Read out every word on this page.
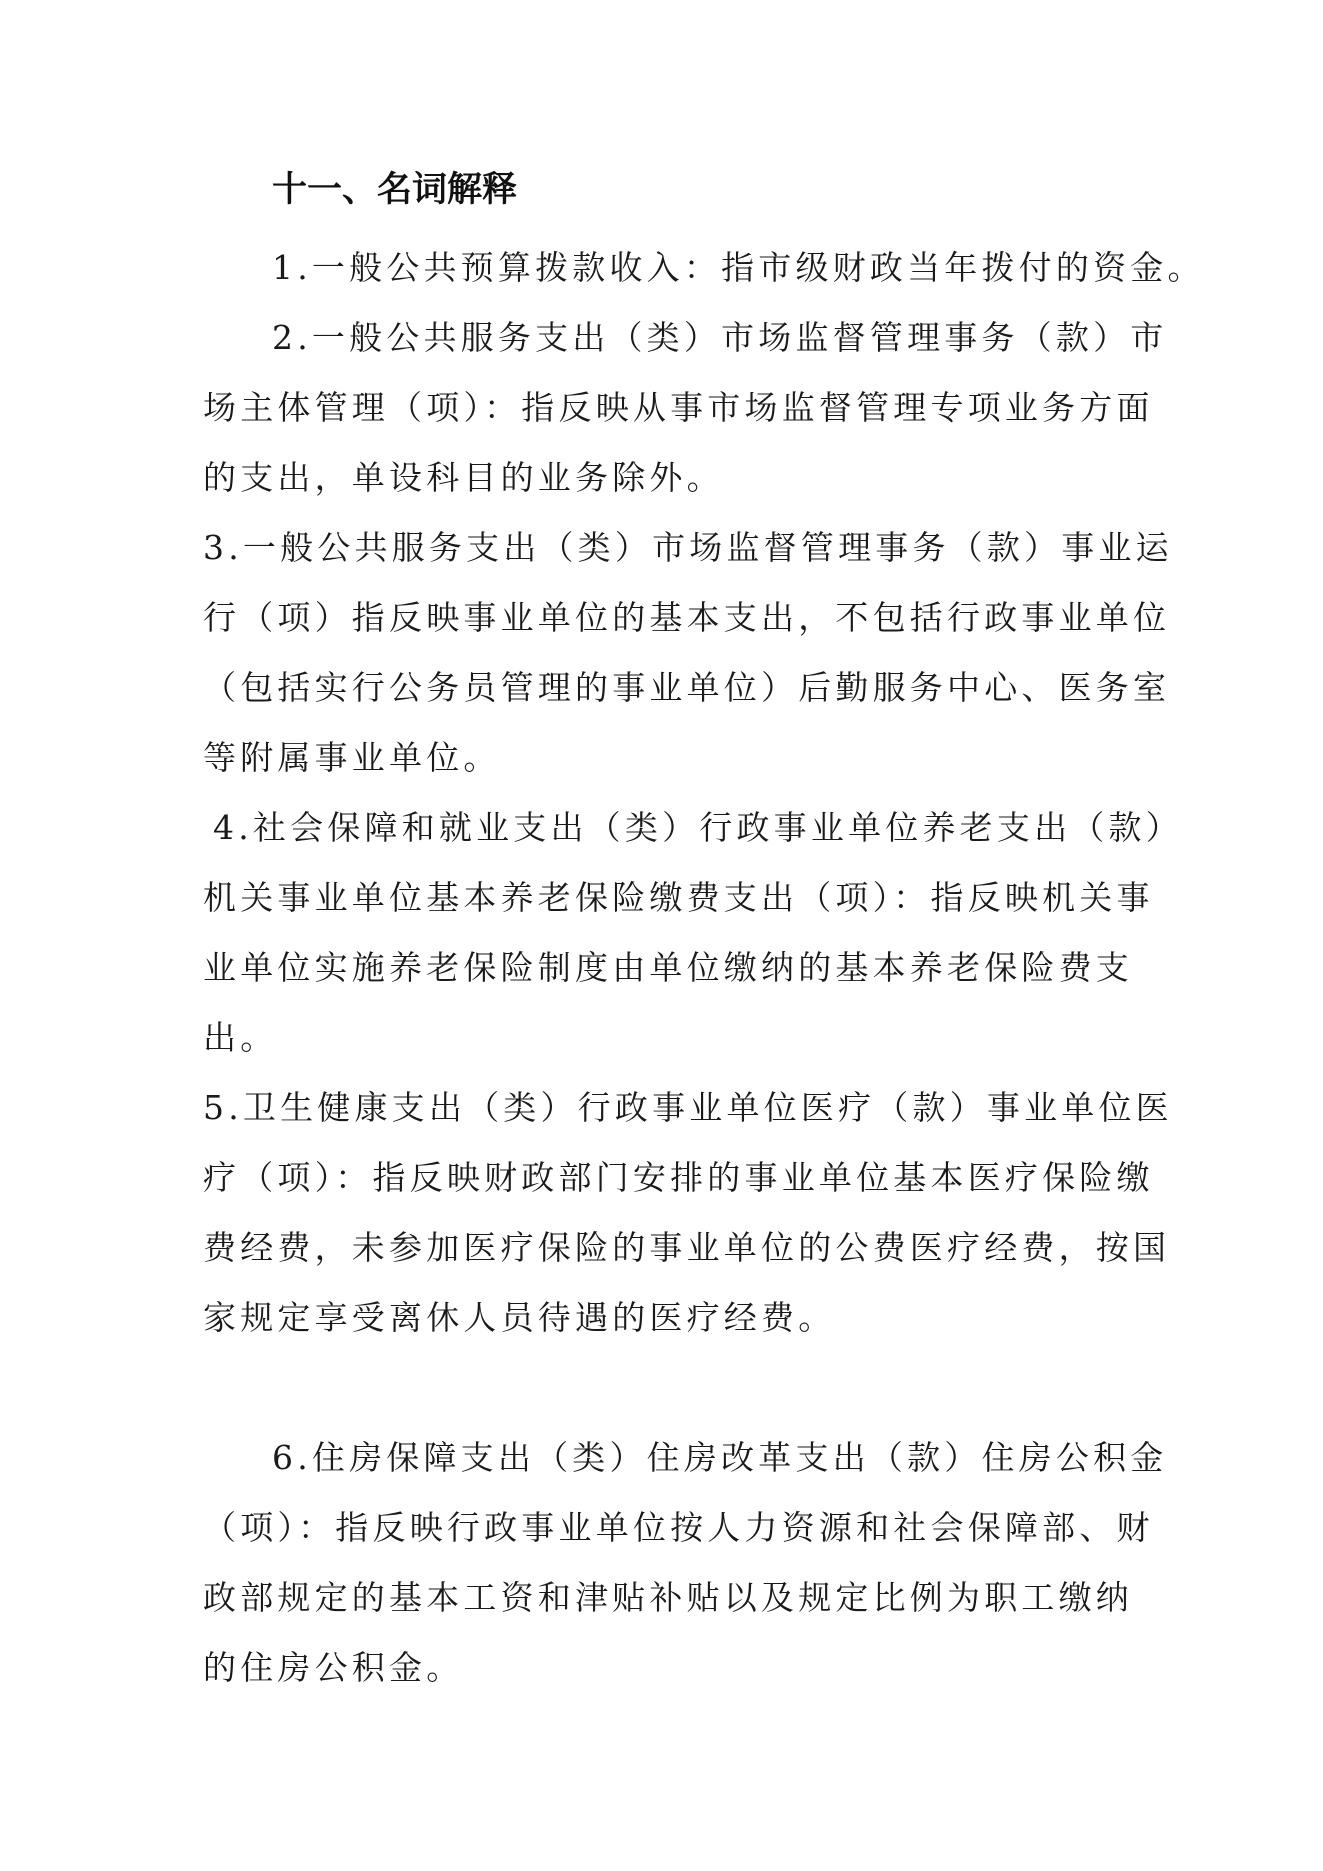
十一、名词解释
1.一般公共预算拨款收入：指市级财政当年拨付的资金。
2.一般公共服务支出（类）市场监督管理事务（款）市
场主体管理（项）：指反映从事市场监督管理专项业务方面
的支出，单设科目的业务除外。
3.一般公共服务支出（类）市场监督管理事务（款）事业运
行（项）指反映事业单位的基本支出，不包括行政事业单位
（包括实行公务员管理的事业单位）后勤服务中心、医务室
等附属事业单位。
4.社会保障和就业支出（类）行政事业单位养老支出（款）
机关事业单位基本养老保险缴费支出（项）：指反映机关事
业单位实施养老保险制度由单位缴纳的基本养老保险费支
出。
5.卫生健康支出（类）行政事业单位医疗（款）事业单位医
疗（项）：指反映财政部门安排的事业单位基本医疗保险缴
费经费，未参加医疗保险的事业单位的公费医疗经费，按国
家规定享受离休人员待遇的医疗经费。
6.住房保障支出（类）住房改革支出（款）住房公积金
（项）：指反映行政事业单位按人力资源和社会保障部、财
政部规定的基本工资和津贴补贴以及规定比例为职工缴纳
的住房公积金。
